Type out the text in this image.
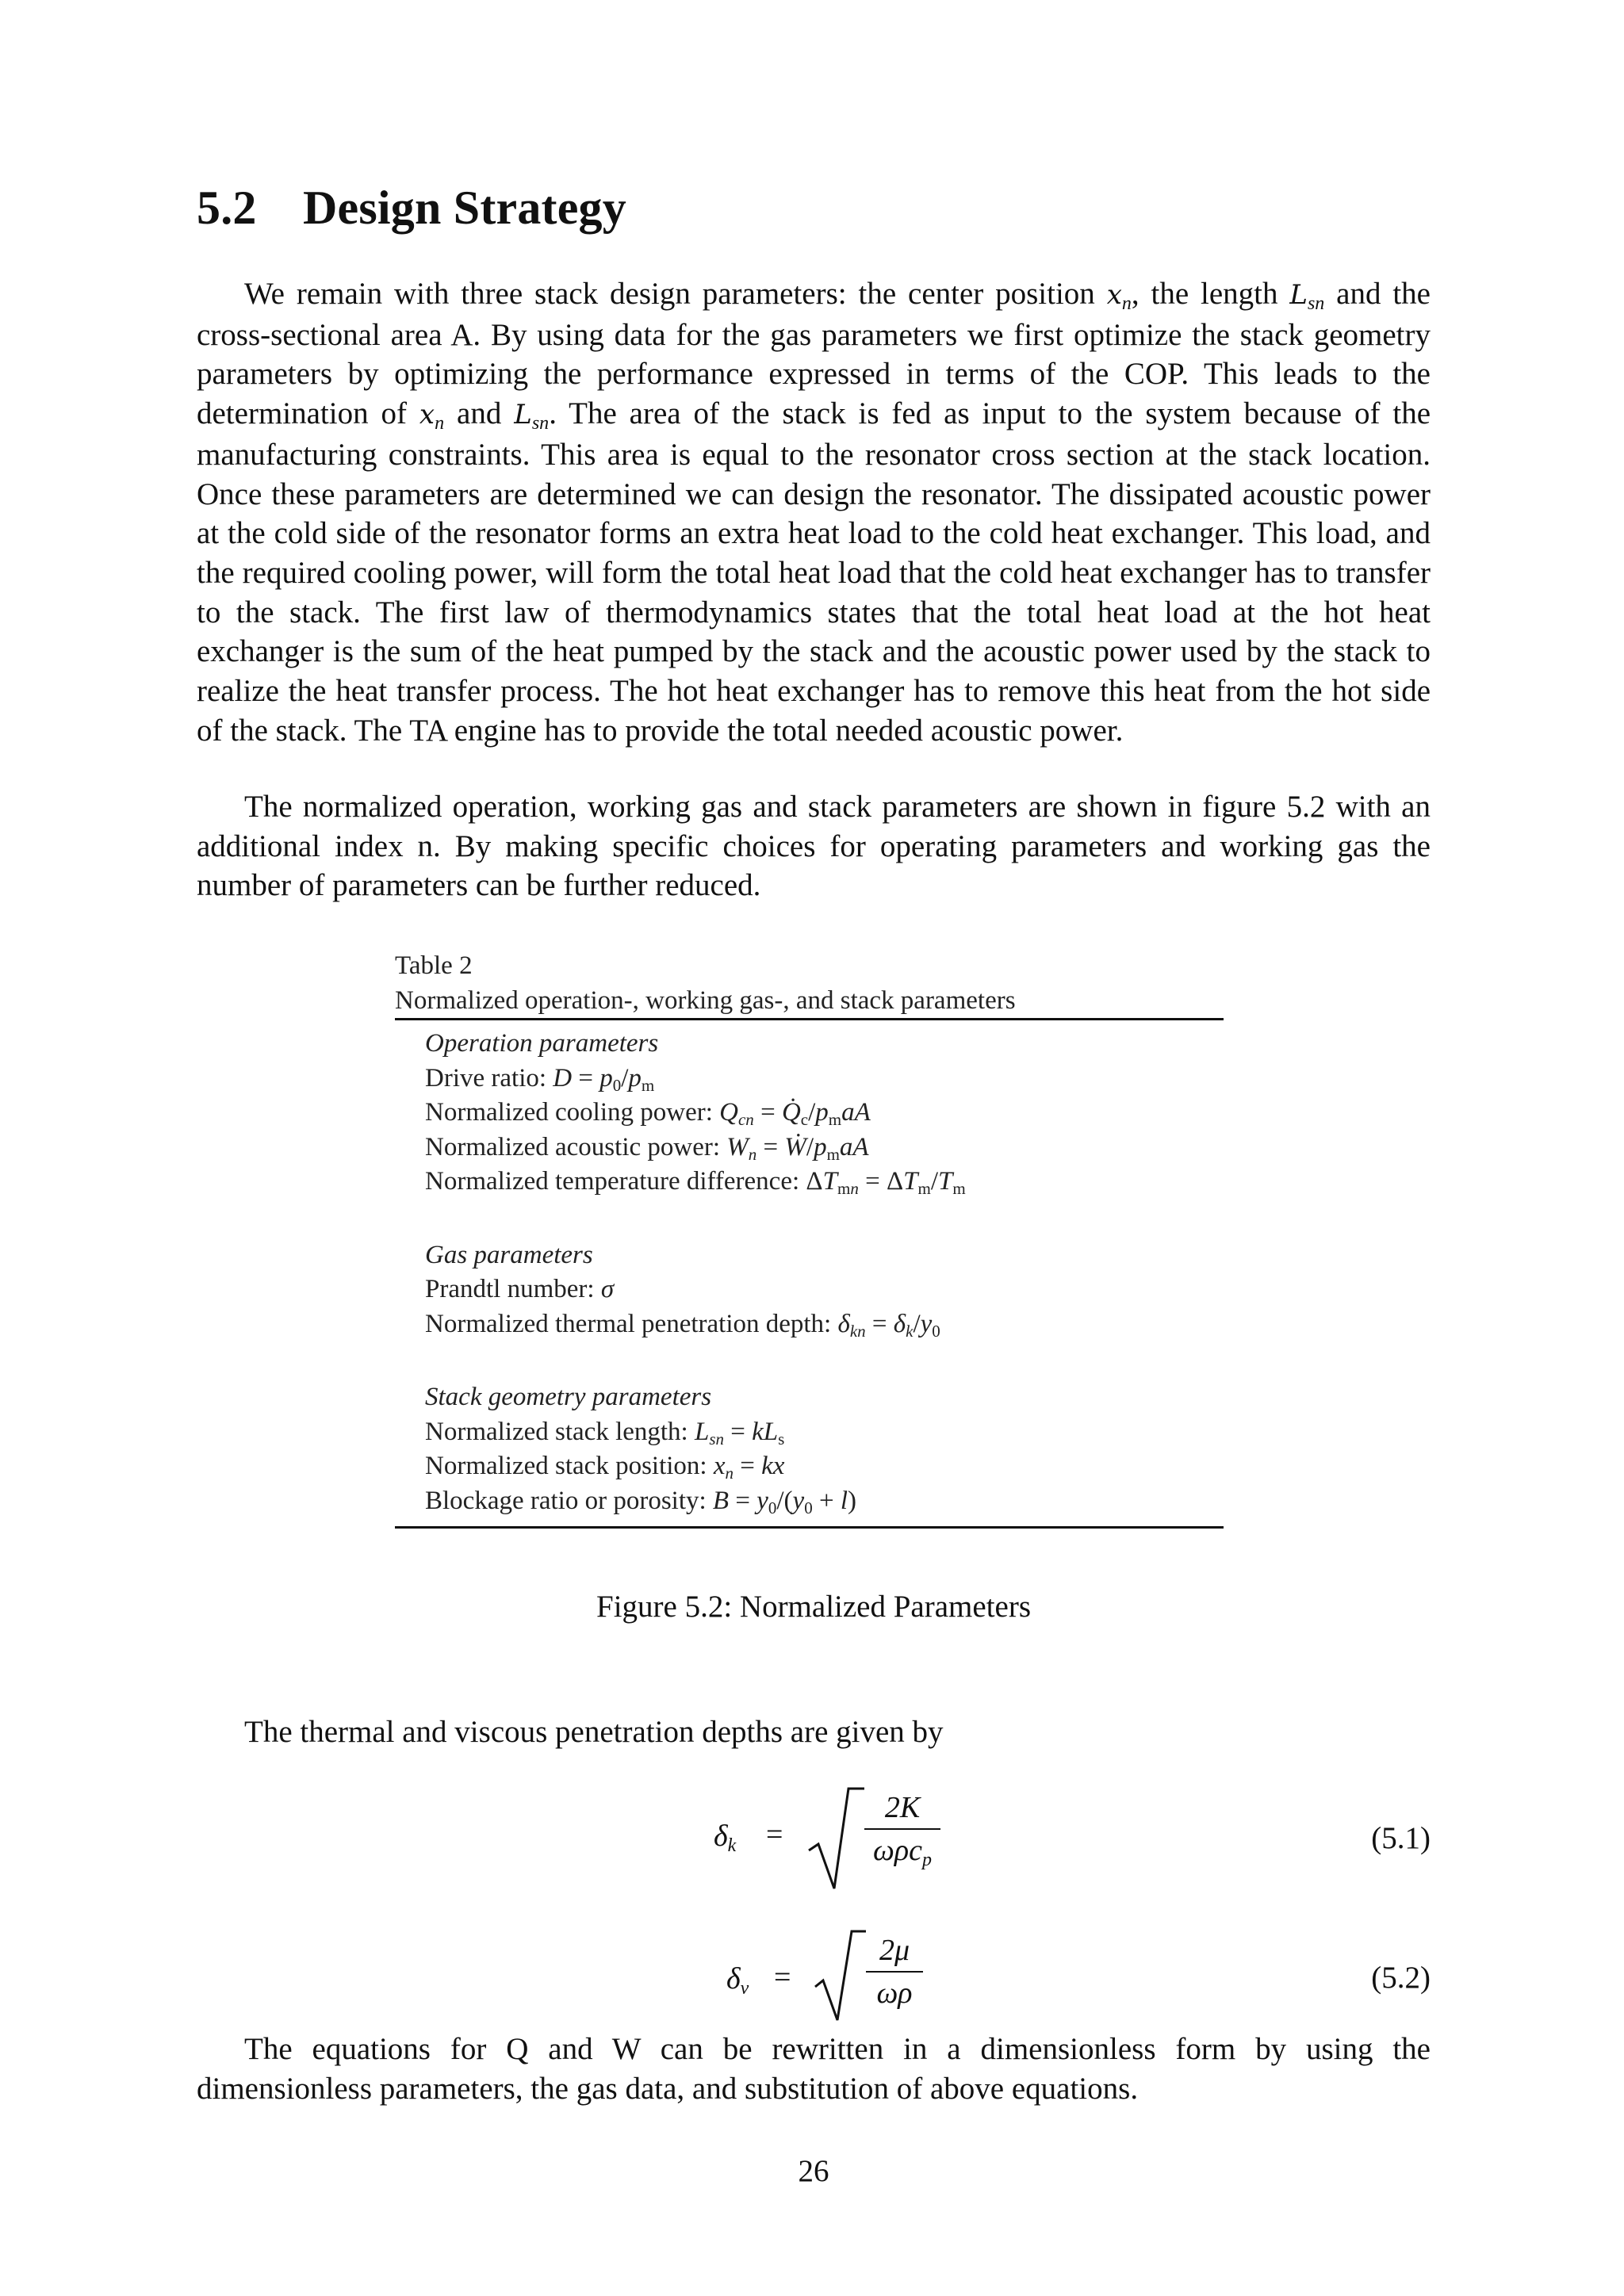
5.2 Design Strategy

We remain with three stack design parameters: the center position $x_n$, the length $L_{sn}$ and the cross-sectional area A. By using data for the gas parameters we first optimize the stack geometry parameters by optimizing the performance expressed in terms of the COP. This leads to the determination of $x_n$ and $L_{sn}$. The area of the stack is fed as input to the system because of the manufacturing constraints. This area is equal to the resonator cross section at the stack location. Once these parameters are determined we can design the resonator. The dissipated acoustic power at the cold side of the resonator forms an extra heat load to the cold heat exchanger. This load, and the required cooling power, will form the total heat load that the cold heat exchanger has to transfer to the stack. The first law of thermodynamics states that the total heat load at the hot heat exchanger is the sum of the heat pumped by the stack and the acoustic power used by the stack to realize the heat transfer process. The hot heat exchanger has to remove this heat from the hot side of the stack. The TA engine has to provide the total needed acoustic power.

The normalized operation, working gas and stack parameters are shown in figure 5.2 with an additional index n. By making specific choices for operating parameters and working gas the number of parameters can be further reduced.

Table 2
Normalized operation-, working gas-, and stack parameters
Operation parameters
Drive ratio: D = p0/pm
Normalized cooling power: Qcn = Q̇c/pmaA
Normalized acoustic power: Wn = Ẇ/pmaA
Normalized temperature difference: ΔTmn = ΔTm/Tm
Gas parameters
Prandtl number: σ
Normalized thermal penetration depth: δkn = δk/y0
Stack geometry parameters
Normalized stack length: Lsn = kLs
Normalized stack position: xn = kx
Blockage ratio or porosity: B = y0/(y0 + l)
Figure 5.2: Normalized Parameters

The thermal and viscous penetration depths are given by

$\delta_k$ =
2K
ωρc$_p$
(5.1)
$\delta_v$ =
2μ
ωρ	(5.2)

The equations for Q and W can be rewritten in a dimensionless form by using the dimensionless parameters, the gas data, and substitution of above equations.

26
